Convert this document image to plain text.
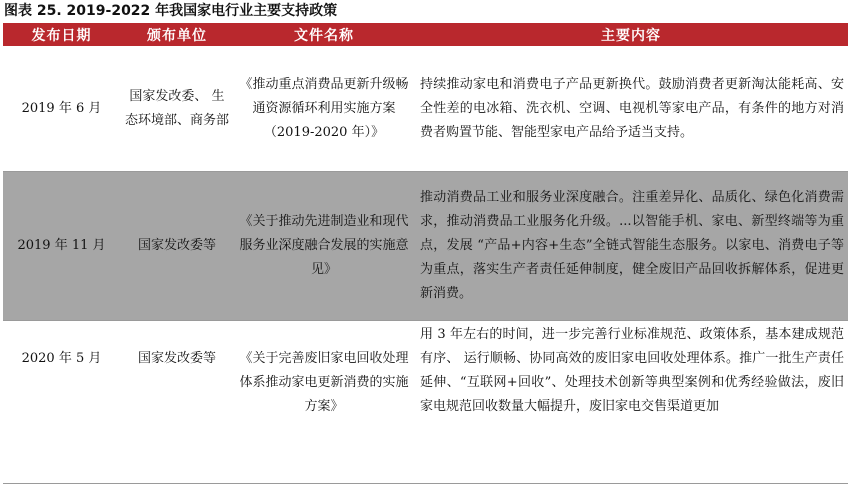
图表 25. 2019-2022 年我国家电行业主要支持政策
发布日期	颁布单位	文件名称	主要内容
2019 年 6 月	国家发改委、 生态环境部、商务部	《推动重点消费品更新升级畅通资源循环利用实施方案（2019-2020 年）》	持续推动家电和消费电子产品更新换代。鼓励消费者更新淘汰能耗高、安全性差的电冰箱、洗衣机、空调、电视机等家电产品，有条件的地方对消费者购置节能、智能型家电产品给予适当支持。
2019 年 11 月	国家发改委等	《关于推动先进制造业和现代服务业深度融合发展的实施意见》	推动消费品工业和服务业深度融合。注重差异化、品质化、绿色化消费需求，推动消费品工业服务化升级。...以智能手机、家电、新型终端等为重点，发展 “产品+内容+生态”全链式智能生态服务。以家电、消费电子等为重点，落实生产者责任延伸制度，健全废旧产品回收拆解体系，促进更新消费。
2020 年 5 月	国家发改委等	《关于完善废旧家电回收处理体系推动家电更新消费的实施方案》	用 3 年左右的时间，进一步完善行业标准规范、政策体系，基本建成规范有序、 运行顺畅、协同高效的废旧家电回收处理体系。推广一批生产责任延伸、“互联网+回收”、处理技术创新等典型案例和优秀经验做法，废旧家电规范回收数量大幅提升，废旧家电交售渠道更加
